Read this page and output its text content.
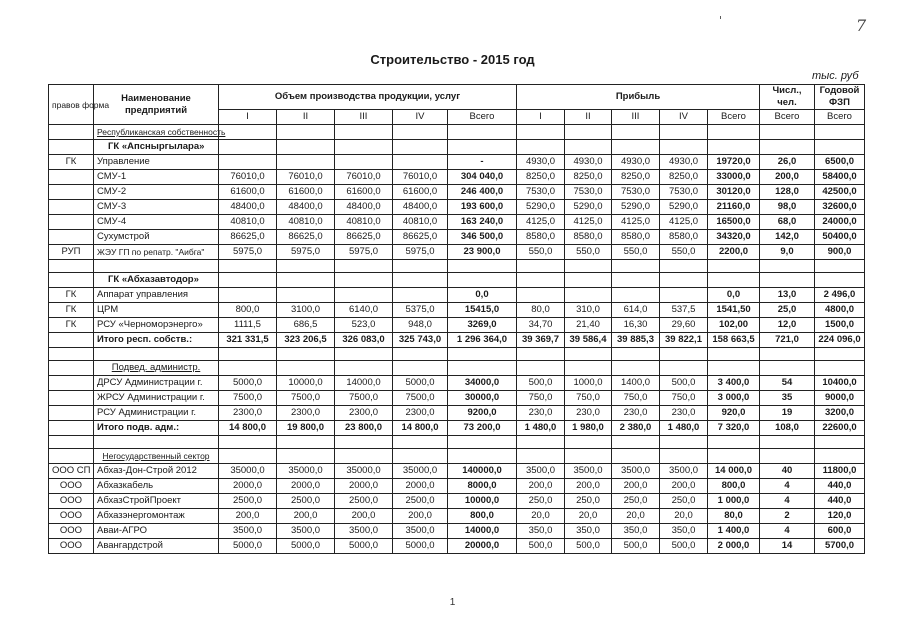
7
'
Строительство - 2015 год
тыс. руб
правов форма	Наименование предприятий	Объем производства продукции, услуг					Прибыль					Числ., чел.	Годовой ФЗП
		I	II	III	IV	Всего	I	II	III	IV	Всего	Всего	Всего
	Республиканская собственность												
	ГК «Апсныргылара»												
ГК	Управление					-	4930,0	4930,0	4930,0	4930,0	19720,0	26,0	6500,0
	СМУ-1	76010,0	76010,0	76010,0	76010,0	304 040,0	8250,0	8250,0	8250,0	8250,0	33000,0	200,0	58400,0
	СМУ-2	61600,0	61600,0	61600,0	61600,0	246 400,0	7530,0	7530,0	7530,0	7530,0	30120,0	128,0	42500,0
	СМУ-3	48400,0	48400,0	48400,0	48400,0	193 600,0	5290,0	5290,0	5290,0	5290,0	21160,0	98,0	32600,0
	СМУ-4	40810,0	40810,0	40810,0	40810,0	163 240,0	4125,0	4125,0	4125,0	4125,0	16500,0	68,0	24000,0
	Сухумстрой	86625,0	86625,0	86625,0	86625,0	346 500,0	8580,0	8580,0	8580,0	8580,0	34320,0	142,0	50400,0
РУП	ЖЭУ ГП по репатр. "Аибга"	5975,0	5975,0	5975,0	5975,0	23 900,0	550,0	550,0	550,0	550,0	2200,0	9,0	900,0

	ГК «Абхазавтодор»												
ГК	Аппарат управления					0,0					0,0	13,0	2 496,0
ГК	ЦРМ	800,0	3100,0	6140,0	5375,0	15415,0	80,0	310,0	614,0	537,5	1541,50	25,0	4800,0
ГК	РСУ «Черноморэнерго»	1111,5	686,5	523,0	948,0	3269,0	34,70	21,40	16,30	29,60	102,00	12,0	1500,0
	Итого респ. собств.:	321 331,5	323 206,5	326 083,0	325 743,0	1 296 364,0	39 369,7	39 586,4	39 885,3	39 822,1	158 663,5	721,0	224 096,0

	Подвед. администр.												
	ДРСУ Администрации г.	5000,0	10000,0	14000,0	5000,0	34000,0	500,0	1000,0	1400,0	500,0	3 400,0	54	10400,0
	ЖРСУ Администрации г.	7500,0	7500,0	7500,0	7500,0	30000,0	750,0	750,0	750,0	750,0	3 000,0	35	9000,0
	РСУ Администрации г.	2300,0	2300,0	2300,0	2300,0	9200,0	230,0	230,0	230,0	230,0	920,0	19	3200,0
	Итого подв. адм.:	14 800,0	19 800,0	23 800,0	14 800,0	73 200,0	1 480,0	1 980,0	2 380,0	1 480,0	7 320,0	108,0	22600,0

	Негосударственный сектор												
ООО СП	Абхаз-Дон-Строй 2012	35000,0	35000,0	35000,0	35000,0	140000,0	3500,0	3500,0	3500,0	3500,0	14 000,0	40	11800,0
ООО	Абхазкабель	2000,0	2000,0	2000,0	2000,0	8000,0	200,0	200,0	200,0	200,0	800,0	4	440,0
ООО	АбхазСтройПроект	2500,0	2500,0	2500,0	2500,0	10000,0	250,0	250,0	250,0	250,0	1 000,0	4	440,0
ООО	Абхазэнергомонтаж	200,0	200,0	200,0	200,0	800,0	20,0	20,0	20,0	20,0	80,0	2	120,0
ООО	Аваи-АГРО	3500,0	3500,0	3500,0	3500,0	14000,0	350,0	350,0	350,0	350,0	1 400,0	4	600,0
ООО	Авангардстрой	5000,0	5000,0	5000,0	5000,0	20000,0	500,0	500,0	500,0	500,0	2 000,0	14	5700,0
1
